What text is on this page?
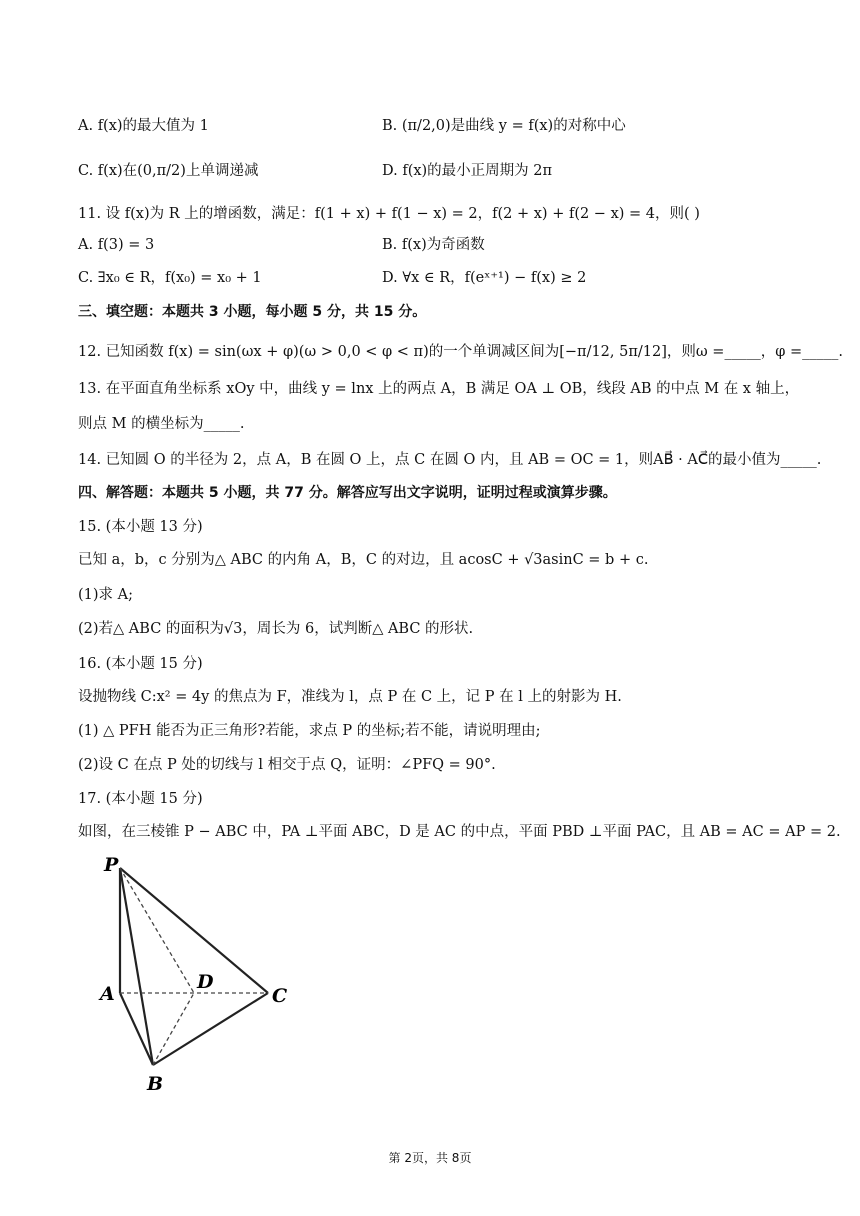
A. f(x)的最大值为 1	B. (π/2,0)是曲线 y = f(x)的对称中心
C. f(x)在(0,π/2)上单调递减	D. f(x)的最小正周期为 2π
11. 设 f(x)为 R 上的增函数，满足：f(1 + x) + f(1 − x) = 2，f(2 + x) + f(2 − x) = 4，则( )
A. f(3) = 3	B. f(x)为奇函数
C. ∃x₀ ∈ R，f(x₀) = x₀ + 1	D. ∀x ∈ R，f(eˣ⁺¹) − f(x) ≥ 2
三、填空题：本题共 3 小题，每小题 5 分，共 15 分。
12. 已知函数 f(x) = sin(ωx + φ)(ω > 0,0 < φ < π)的一个单调减区间为[−π/12, 5π/12]，则ω =_____，φ =_____.
13. 在平面直角坐标系 xOy 中，曲线 y = lnx 上的两点 A，B 满足 OA ⊥ OB，线段 AB 的中点 M 在 x 轴上，
则点 M 的横坐标为_____.
14. 已知圆 O 的半径为 2，点 A，B 在圆 O 上，点 C 在圆 O 内，且 AB = OC = 1，则AB⃗ · AC⃗的最小值为_____.
四、解答题：本题共 5 小题，共 77 分。解答应写出文字说明，证明过程或演算步骤。
15. (本小题 13 分)
已知 a，b，c 分别为△ ABC 的内角 A，B，C 的对边，且 acosC + √3asinC = b + c.
(1)求 A;
(2)若△ ABC 的面积为√3，周长为 6，试判断△ ABC 的形状.
16. (本小题 15 分)
设抛物线 C:x² = 4y 的焦点为 F，准线为 l，点 P 在 C 上，记 P 在 l 上的射影为 H.
(1) △ PFH 能否为正三角形?若能，求点 P 的坐标;若不能，请说明理由;
(2)设 C 在点 P 处的切线与 l 相交于点 Q，证明：∠PFQ = 90°.
17. (本小题 15 分)
如图，在三棱锥 P − ABC 中，PA ⊥平面 ABC，D 是 AC 的中点，平面 PBD ⊥平面 PAC，且 AB = AC = AP = 2.
P
A
D
C
B
第 2页，共 8页
